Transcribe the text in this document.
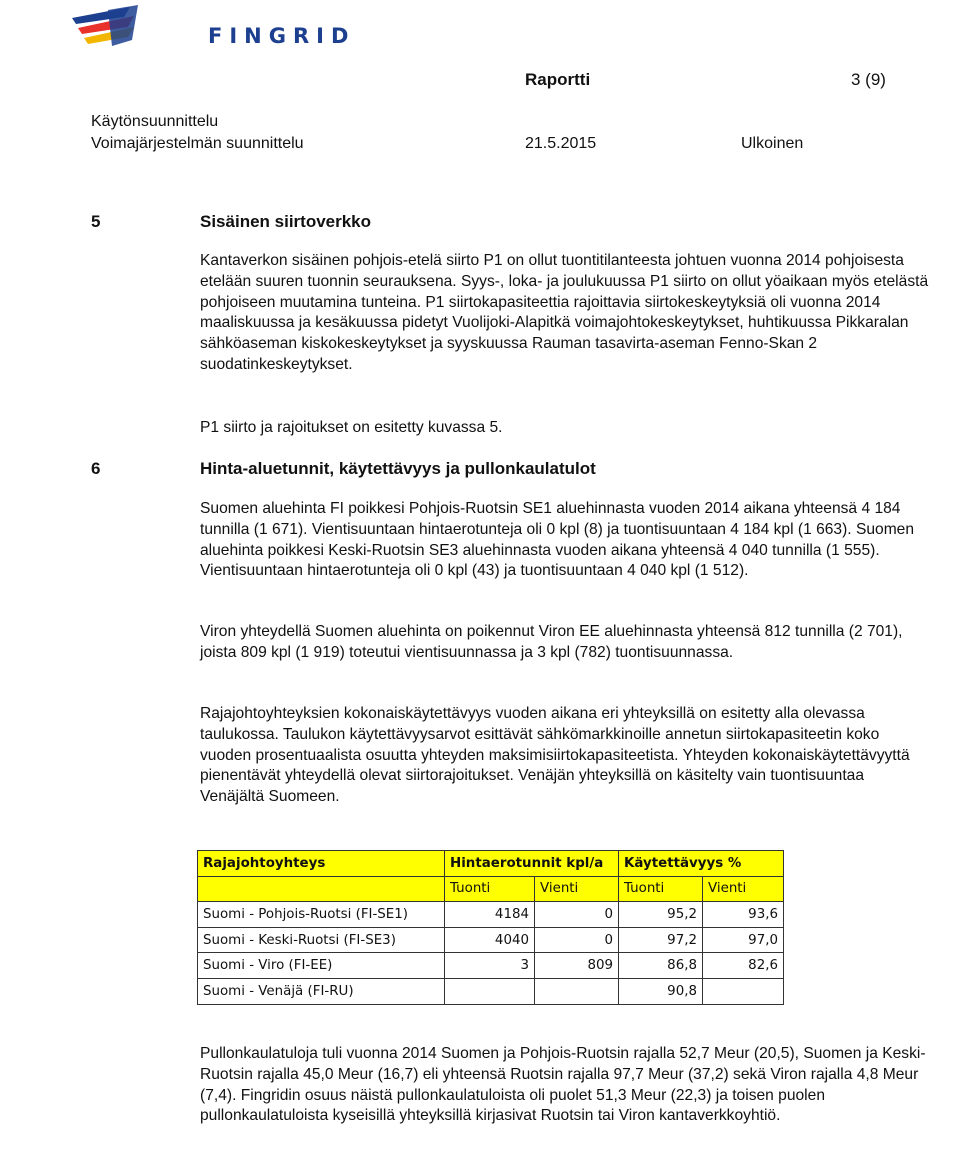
FINGRID
Raportti	3 (9)
Käytönsuunnittelu
Voimajärjestelmän suunnittelu	21.5.2015	Ulkoinen
5	Sisäinen siirtoverkko

Kantaverkon sisäinen pohjois-etelä siirto P1 on ollut tuontitilanteesta johtuen vuonna 2014 pohjoisesta etelään suuren tuonnin seurauksena. Syys-, loka- ja joulukuussa P1 siirto on ollut yöaikaan myös etelästä pohjoiseen muutamina tunteina. P1 siirtokapasiteettia rajoittavia siirtokeskeytyksiä oli vuonna 2014 maaliskuussa ja kesäkuussa pidetyt Vuolijoki-Alapitkä voimajohtokeskeytykset, huhtikuussa Pikkaralan sähköaseman kiskokeskeytykset ja syyskuussa Rauman tasavirta-aseman Fenno-Skan 2 suodatinkeskeytykset.

P1 siirto ja rajoitukset on esitetty kuvassa 5.

6	Hinta-aluetunnit, käytettävyys ja pullonkaulatulot

Suomen aluehinta FI poikkesi Pohjois-Ruotsin SE1 aluehinnasta vuoden 2014 aikana yhteensä 4 184 tunnilla (1 671). Vientisuuntaan hintaerotunteja oli 0 kpl (8) ja tuontisuuntaan 4 184 kpl (1 663). Suomen aluehinta poikkesi Keski-Ruotsin SE3 aluehinnasta vuoden aikana yhteensä 4 040 tunnilla (1 555). Vientisuuntaan hintaerotunteja oli 0 kpl (43) ja tuontisuuntaan 4 040 kpl (1 512).

Viron yhteydellä Suomen aluehinta on poikennut Viron EE aluehinnasta yhteensä 812 tunnilla (2 701), joista 809 kpl (1 919) toteutui vientisuunnassa ja 3 kpl (782) tuontisuunnassa.

Rajajohtoyhteyksien kokonaiskäytettävyys vuoden aikana eri yhteyksillä on esitetty alla olevassa taulukossa. Taulukon käytettävyysarvot esittävät sähkömarkkinoille annetun siirtokapasiteetin koko vuoden prosentuaalista osuutta yhteyden maksimisiirtokapasiteetista. Yhteyden kokonaiskäytettävyyttä pienentävät yhteydellä olevat siirtorajoitukset. Venäjän yhteyksillä on käsitelty vain tuontisuuntaa Venäjältä Suomeen.

Rajajohtoyhteys	Hintaerotunnit kpl/a		Käytettävyys %	
	Tuonti	Vienti	Tuonti	Vienti
Suomi - Pohjois-Ruotsi (FI-SE1)	4184	0	95,2	93,6
Suomi - Keski-Ruotsi (FI-SE3)	4040	0	97,2	97,0
Suomi - Viro (FI-EE)	3	809	86,8	82,6
Suomi - Venäjä (FI-RU)			90,8	

Pullonkaulatuloja tuli vuonna 2014 Suomen ja Pohjois-Ruotsin rajalla 52,7 Meur (20,5), Suomen ja Keski-Ruotsin rajalla 45,0 Meur (16,7) eli yhteensä Ruotsin rajalla 97,7 Meur (37,2) sekä Viron rajalla 4,8 Meur (7,4). Fingridin osuus näistä pullonkaulatuloista oli puolet 51,3 Meur (22,3) ja toisen puolen pullonkaulatuloista kyseisillä yhteyksillä kirjasivat Ruotsin tai Viron kantaverkkoyhtiö.
